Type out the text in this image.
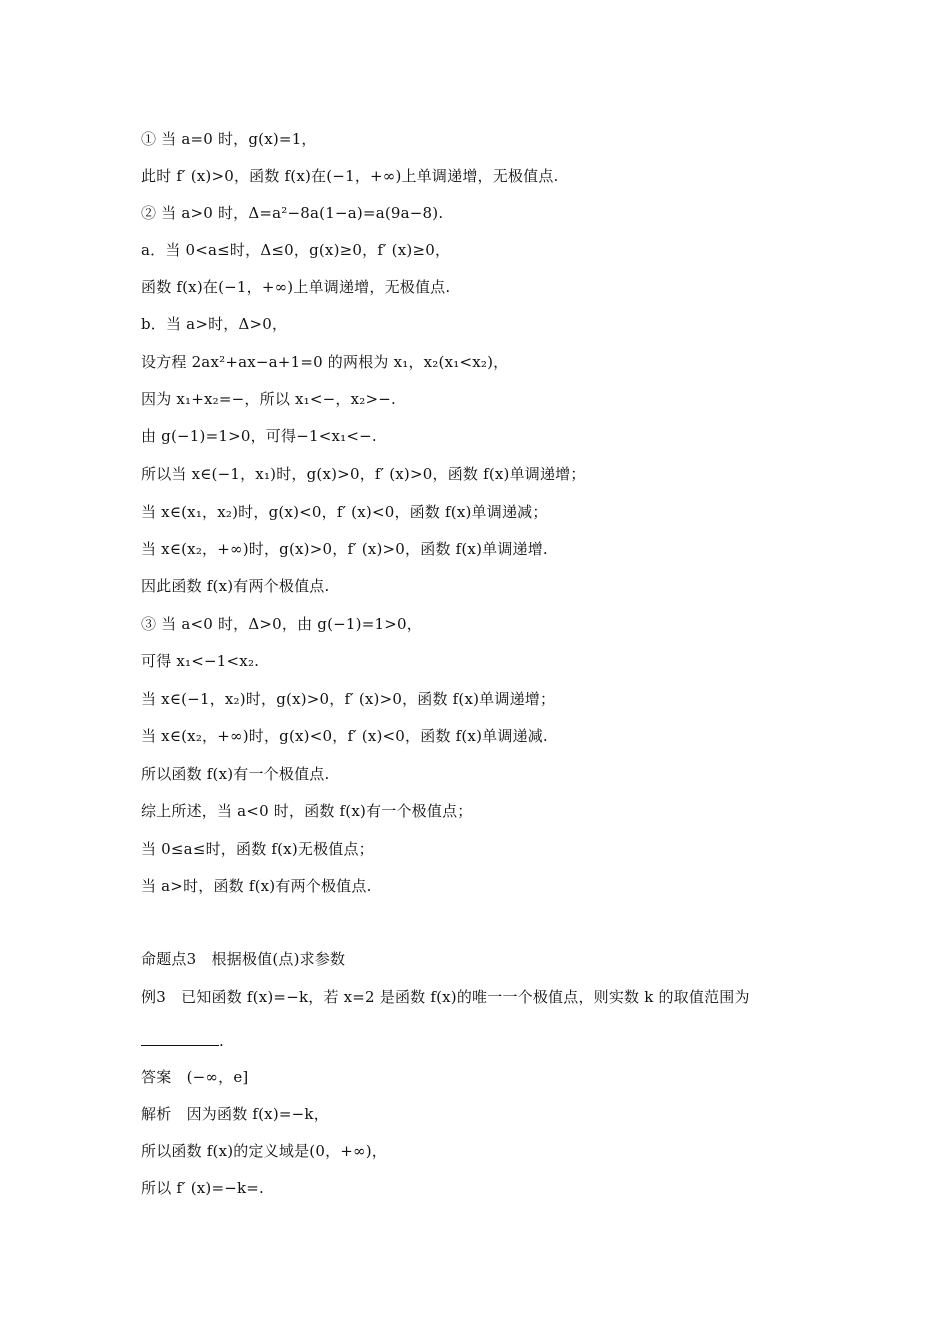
① 当 a=0 时，g(x)=1，
此时 f′ (x)>0，函数 f(x)在(−1，+∞)上单调递增，无极值点.
② 当 a>0 时，Δ=a²−8a(1−a)=a(9a−8).
a．当 0<a≤时，Δ≤0，g(x)≥0，f′ (x)≥0，
函数 f(x)在(−1，+∞)上单调递增，无极值点.
b．当 a>时，Δ>0，
设方程 2ax²+ax−a+1=0 的两根为 x₁，x₂(x₁<x₂)，
因为 x₁+x₂=−，所以 x₁<−，x₂>−.
由 g(−1)=1>0，可得−1<x₁<−.
所以当 x∈(−1，x₁)时，g(x)>0，f′ (x)>0，函数 f(x)单调递增；
当 x∈(x₁，x₂)时，g(x)<0，f′ (x)<0，函数 f(x)单调递减；
当 x∈(x₂，+∞)时，g(x)>0，f′ (x)>0，函数 f(x)单调递增.
因此函数 f(x)有两个极值点.
③ 当 a<0 时，Δ>0，由 g(−1)=1>0，
可得 x₁<−1<x₂.
当 x∈(−1，x₂)时，g(x)>0，f′ (x)>0，函数 f(x)单调递增；
当 x∈(x₂，+∞)时，g(x)<0，f′ (x)<0，函数 f(x)单调递减.
所以函数 f(x)有一个极值点.
综上所述，当 a<0 时，函数 f(x)有一个极值点；
当 0≤a≤时，函数 f(x)无极值点；
当 a>时，函数 f(x)有两个极值点.
命题点3　根据极值(点)求参数
例3　已知函数 f(x)=−k，若 x=2 是函数 f(x)的唯一一个极值点，则实数 k 的取值范围为
.
答案　(−∞，e]
解析　因为函数 f(x)=−k，
所以函数 f(x)的定义域是(0，+∞)，
所以 f′ (x)=−k=.
